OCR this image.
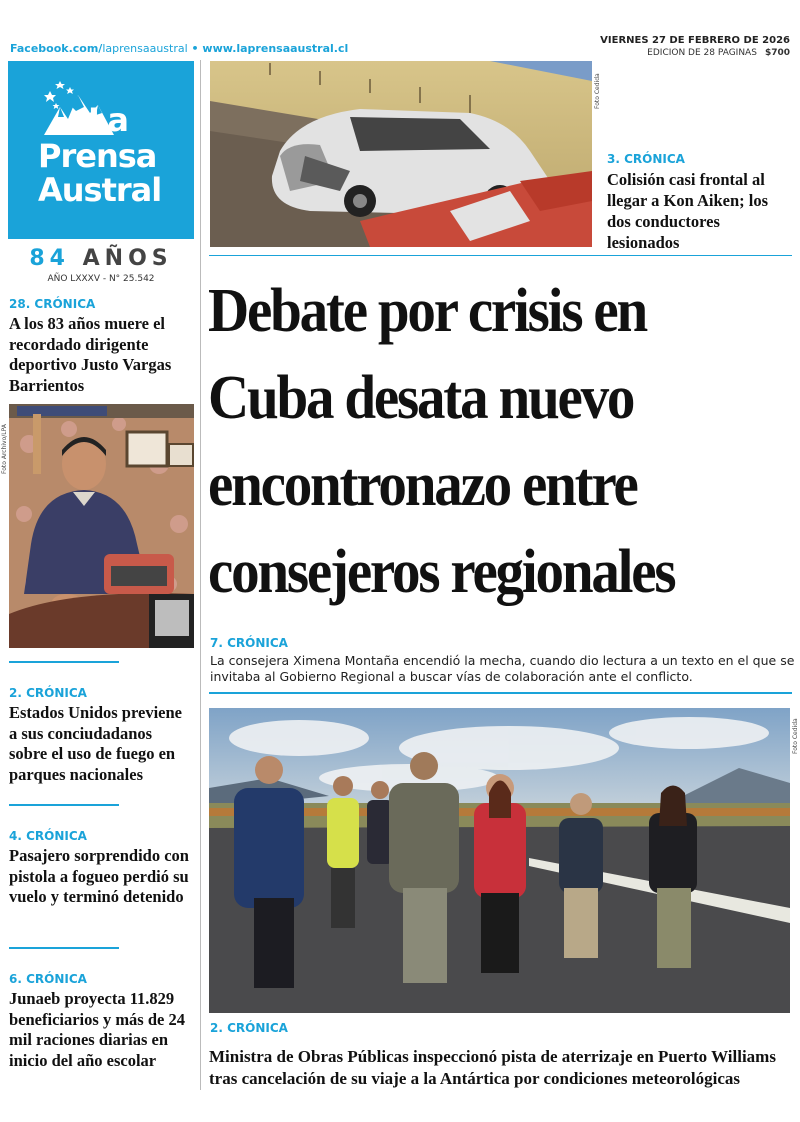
Facebook.com/laprensaaustral • www.laprensaaustral.cl
VIERNES 27 DE FEBRERO DE 2026
EDICION DE 28 PAGINAS $700
La
Prensa
Austral
84 AÑOS
AÑO LXXXV - N° 25.542
28. CRÓNICA
A los 83 años muere el recordado dirigente deportivo Justo Vargas Barrientos
Foto Archivo/LPA
2. CRÓNICA
Estados Unidos previene a sus conciudadanos sobre el uso de fuego en parques nacionales
4. CRÓNICA
Pasajero sorprendido con pistola a fogueo perdió su vuelo y terminó detenido
6. CRÓNICA
Junaeb proyecta 11.829 beneficiarios y más de 24 mil raciones diarias en inicio del año escolar
Foto Cedida
3. CRÓNICA
Colisión casi frontal al llegar a Kon Aiken; los dos conductores lesionados
Debate por crisis en Cuba desata nuevo encontronazo entre consejeros regionales
7. CRÓNICA
La consejera Ximena Montaña encendió la mecha, cuando dio lectura a un texto en el que se invitaba al Gobierno Regional a buscar vías de colaboración ante el conflicto.
Foto Cedida
2. CRÓNICA
Ministra de Obras Públicas inspeccionó pista de aterrizaje en Puerto Williams tras cancelación de su viaje a la Antártica por condiciones meteorológicas
